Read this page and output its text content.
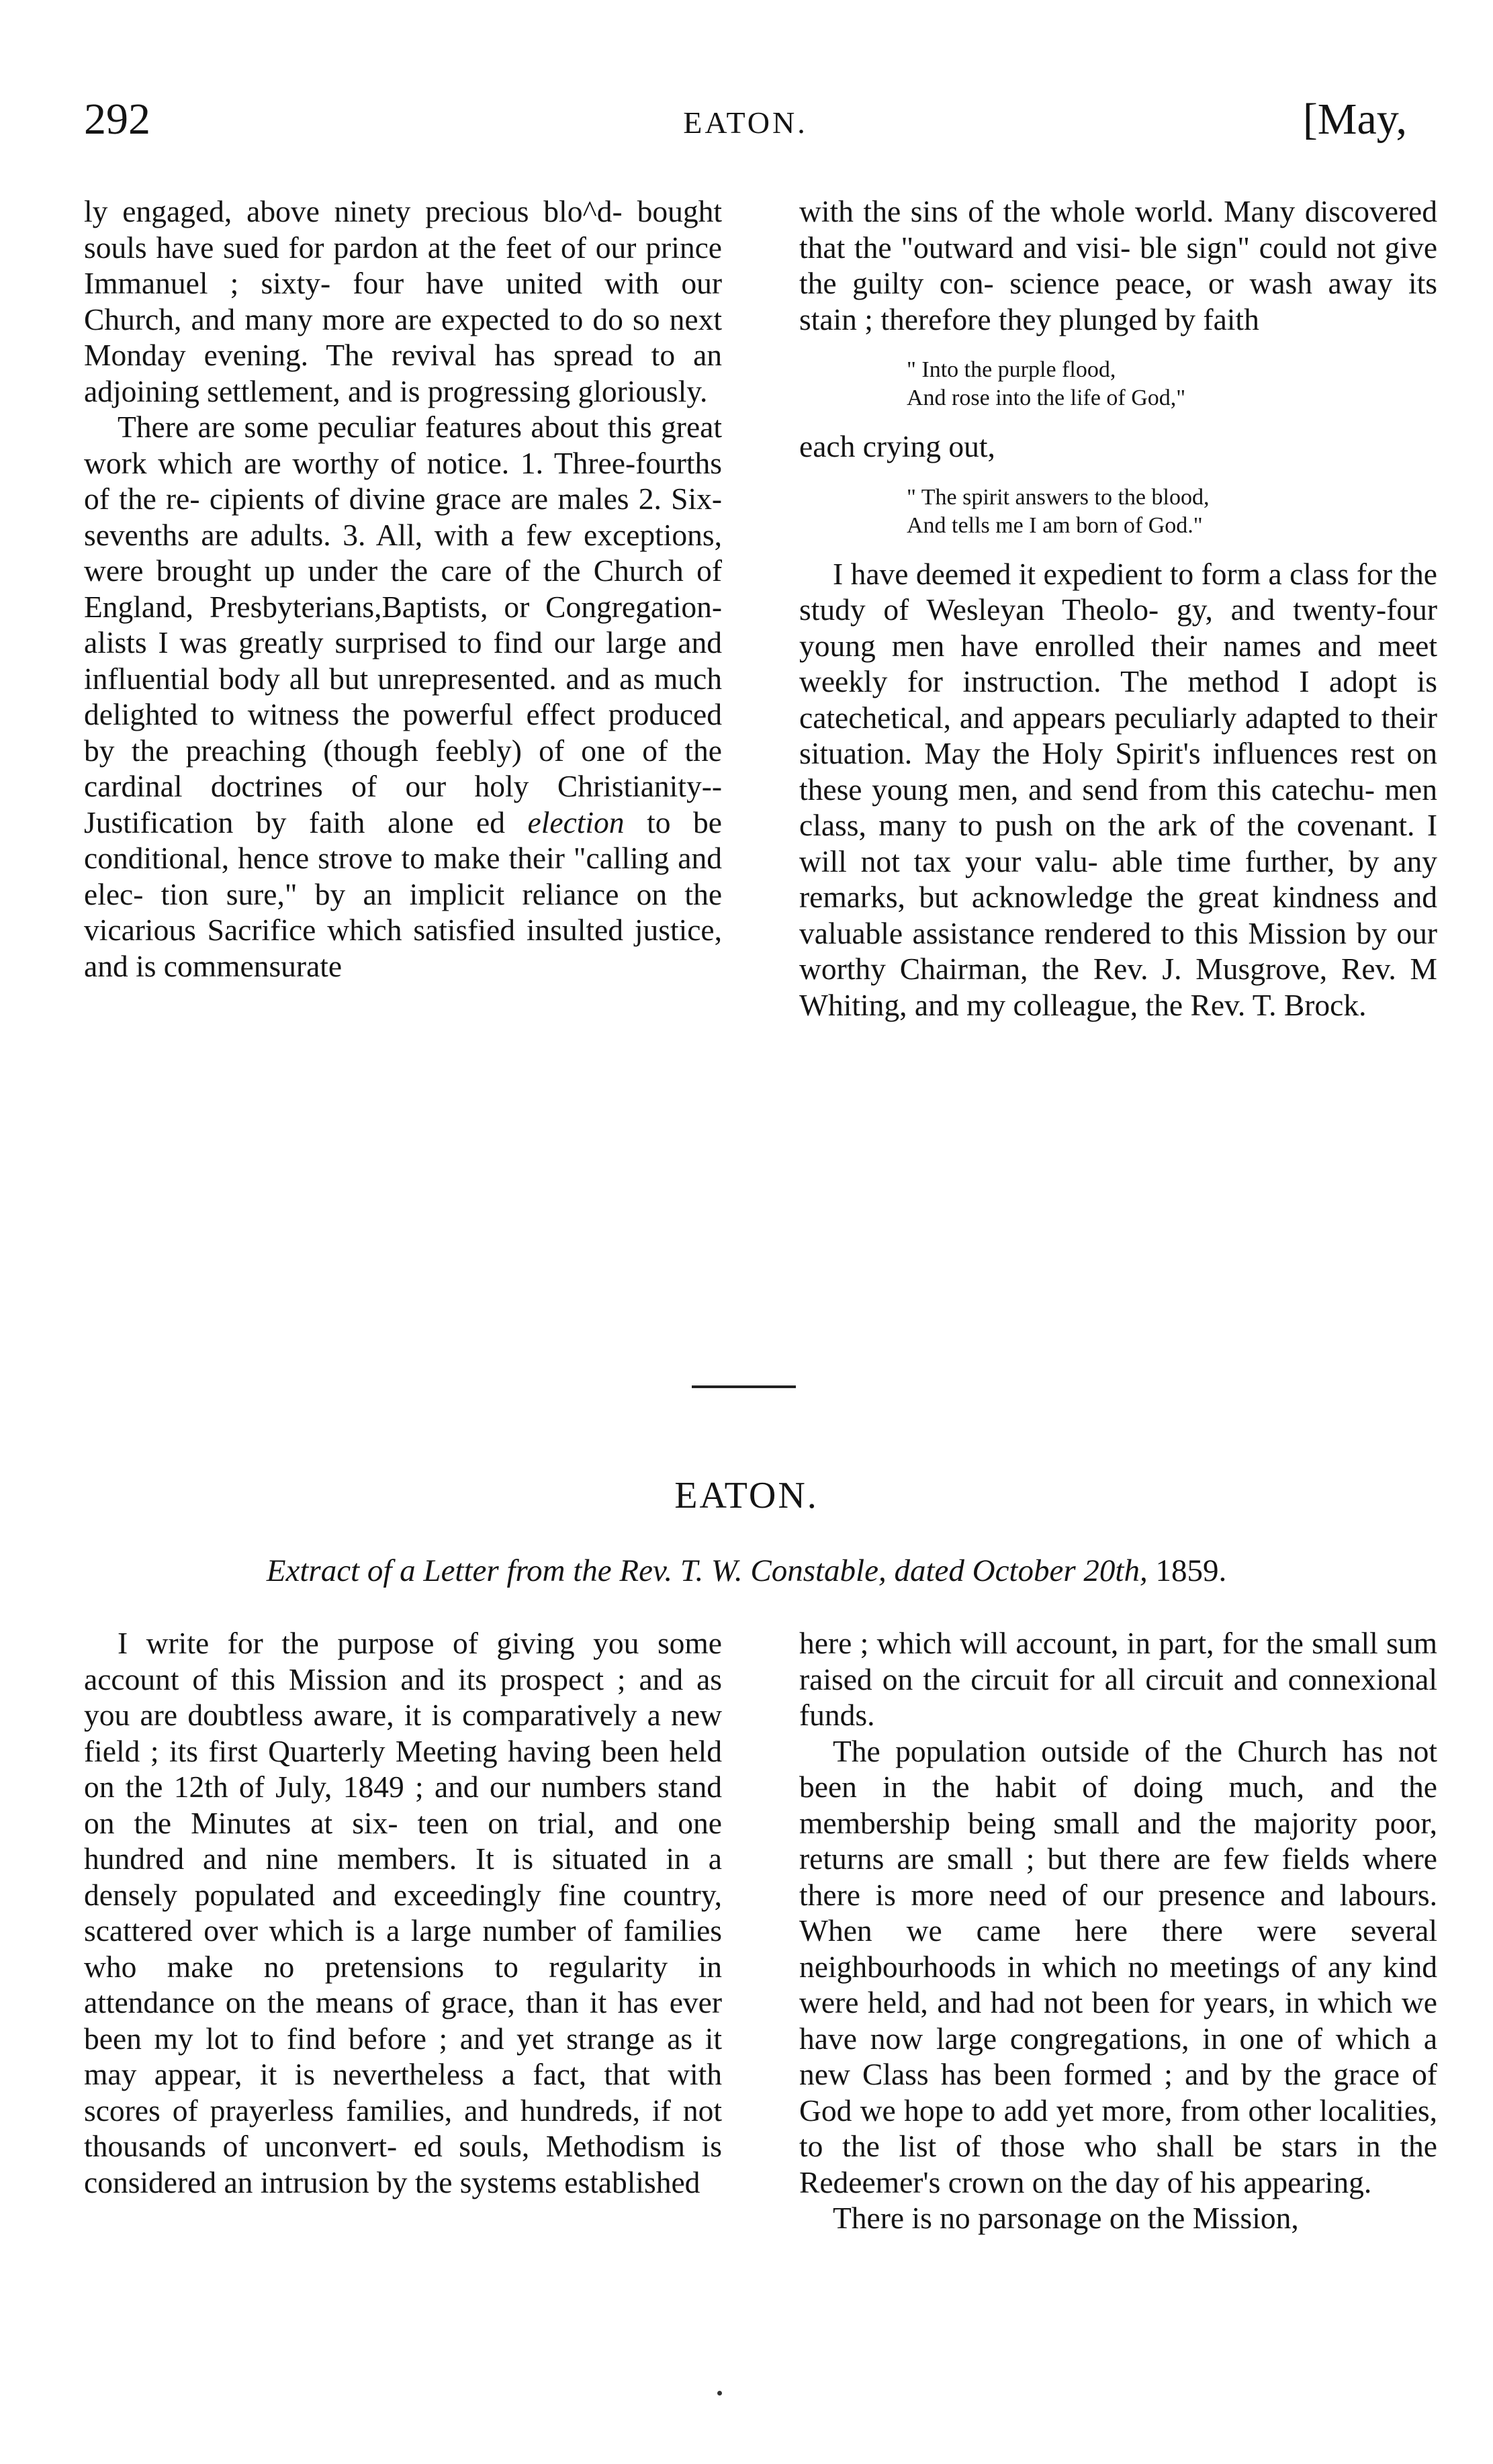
292	EATON.	[May,

ly engaged, above ninety precious blo^d- bought souls have sued for pardon at the feet of our prince Immanuel ; sixty- four have united with our Church, and many more are expected to do so next Monday evening. The revival has spread to an adjoining settlement, and is progressing gloriously.

There are some peculiar features about this great work which are worthy of notice. 1. Three-fourths of the re- cipients of divine grace are males 2. Six-sevenths are adults. 3. All, with a few exceptions, were brought up under the care of the Church of England, Presbyterians,Baptists, or Congregation- alists I was greatly surprised to find our large and influential body all but unrepresented. and as much delighted to witness the powerful effect produced by the preaching (though feebly) of one of the cardinal doctrines of our holy Christianity--Justification by faith alone ed election to be conditional, hence strove to make their "calling and elec- tion sure," by an implicit reliance on the vicarious Sacrifice which satisfied insulted justice, and is commensurate

with the sins of the whole world. Many discovered that the "outward and visi- ble sign" could not give the guilty con- science peace, or wash away its stain ; therefore they plunged by faith

" Into the purple flood,
And rose into the life of God,"
each crying out,
" The spirit answers to the blood,
And tells me I am born of God."

I have deemed it expedient to form a class for the study of Wesleyan Theolo- gy, and twenty-four young men have enrolled their names and meet weekly for instruction. The method I adopt is catechetical, and appears peculiarly adapted to their situation. May the Holy Spirit's influences rest on these young men, and send from this catechu- men class, many to push on the ark of the covenant. I will not tax your valu- able time further, by any remarks, but acknowledge the great kindness and valuable assistance rendered to this Mission by our worthy Chairman, the Rev. J. Musgrove, Rev. M Whiting, and my colleague, the Rev. T. Brock.

EATON.
Extract of a Letter from the Rev. T. W. Constable, dated October 20th, 1859.

I write for the purpose of giving you some account of this Mission and its prospect ; and as you are doubtless aware, it is comparatively a new field ; its first Quarterly Meeting having been held on the 12th of July, 1849 ; and our numbers stand on the Minutes at six- teen on trial, and one hundred and nine members. It is situated in a densely populated and exceedingly fine country, scattered over which is a large number of families who make no pretensions to regularity in attendance on the means of grace, than it has ever been my lot to find before ; and yet strange as it may appear, it is nevertheless a fact, that with scores of prayerless families, and hundreds, if not thousands of unconvert- ed souls, Methodism is considered an intrusion by the systems established

here ; which will account, in part, for the small sum raised on the circuit for all circuit and connexional funds.

The population outside of the Church has not been in the habit of doing much, and the membership being small and the majority poor, returns are small ; but there are few fields where there is more need of our presence and labours. When we came here there were several neighbourhoods in which no meetings of any kind were held, and had not been for years, in which we have now large congregations, in one of which a new Class has been formed ; and by the grace of God we hope to add yet more, from other localities, to the list of those who shall be stars in the Redeemer's crown on the day of his appearing.

There is no parsonage on the Mission,
